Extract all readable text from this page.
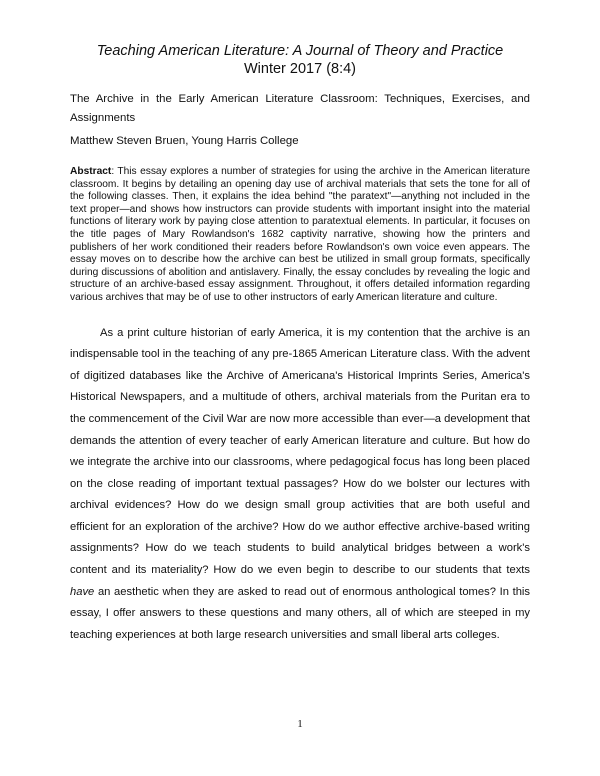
Teaching American Literature: A Journal of Theory and Practice
Winter 2017 (8:4)

The Archive in the Early American Literature Classroom: Techniques, Exercises, and Assignments

Matthew Steven Bruen, Young Harris College

Abstract: This essay explores a number of strategies for using the archive in the American literature classroom. It begins by detailing an opening day use of archival materials that sets the tone for all of the following classes. Then, it explains the idea behind "the paratext"—anything not included in the text proper—and shows how instructors can provide students with important insight into the material functions of literary work by paying close attention to paratextual elements. In particular, it focuses on the title pages of Mary Rowlandson's 1682 captivity narrative, showing how the printers and publishers of her work conditioned their readers before Rowlandson's own voice even appears. The essay moves on to describe how the archive can best be utilized in small group formats, specifically during discussions of abolition and antislavery. Finally, the essay concludes by revealing the logic and structure of an archive-based essay assignment. Throughout, it offers detailed information regarding various archives that may be of use to other instructors of early American literature and culture.

As a print culture historian of early America, it is my contention that the archive is an indispensable tool in the teaching of any pre-1865 American Literature class. With the advent of digitized databases like the Archive of Americana's Historical Imprints Series, America's Historical Newspapers, and a multitude of others, archival materials from the Puritan era to the commencement of the Civil War are now more accessible than ever—a development that demands the attention of every teacher of early American literature and culture. But how do we integrate the archive into our classrooms, where pedagogical focus has long been placed on the close reading of important textual passages? How do we bolster our lectures with archival evidences? How do we design small group activities that are both useful and efficient for an exploration of the archive? How do we author effective archive-based writing assignments? How do we teach students to build analytical bridges between a work's content and its materiality? How do we even begin to describe to our students that texts have an aesthetic when they are asked to read out of enormous anthological tomes? In this essay, I offer answers to these questions and many others, all of which are steeped in my teaching experiences at both large research universities and small liberal arts colleges.

1
